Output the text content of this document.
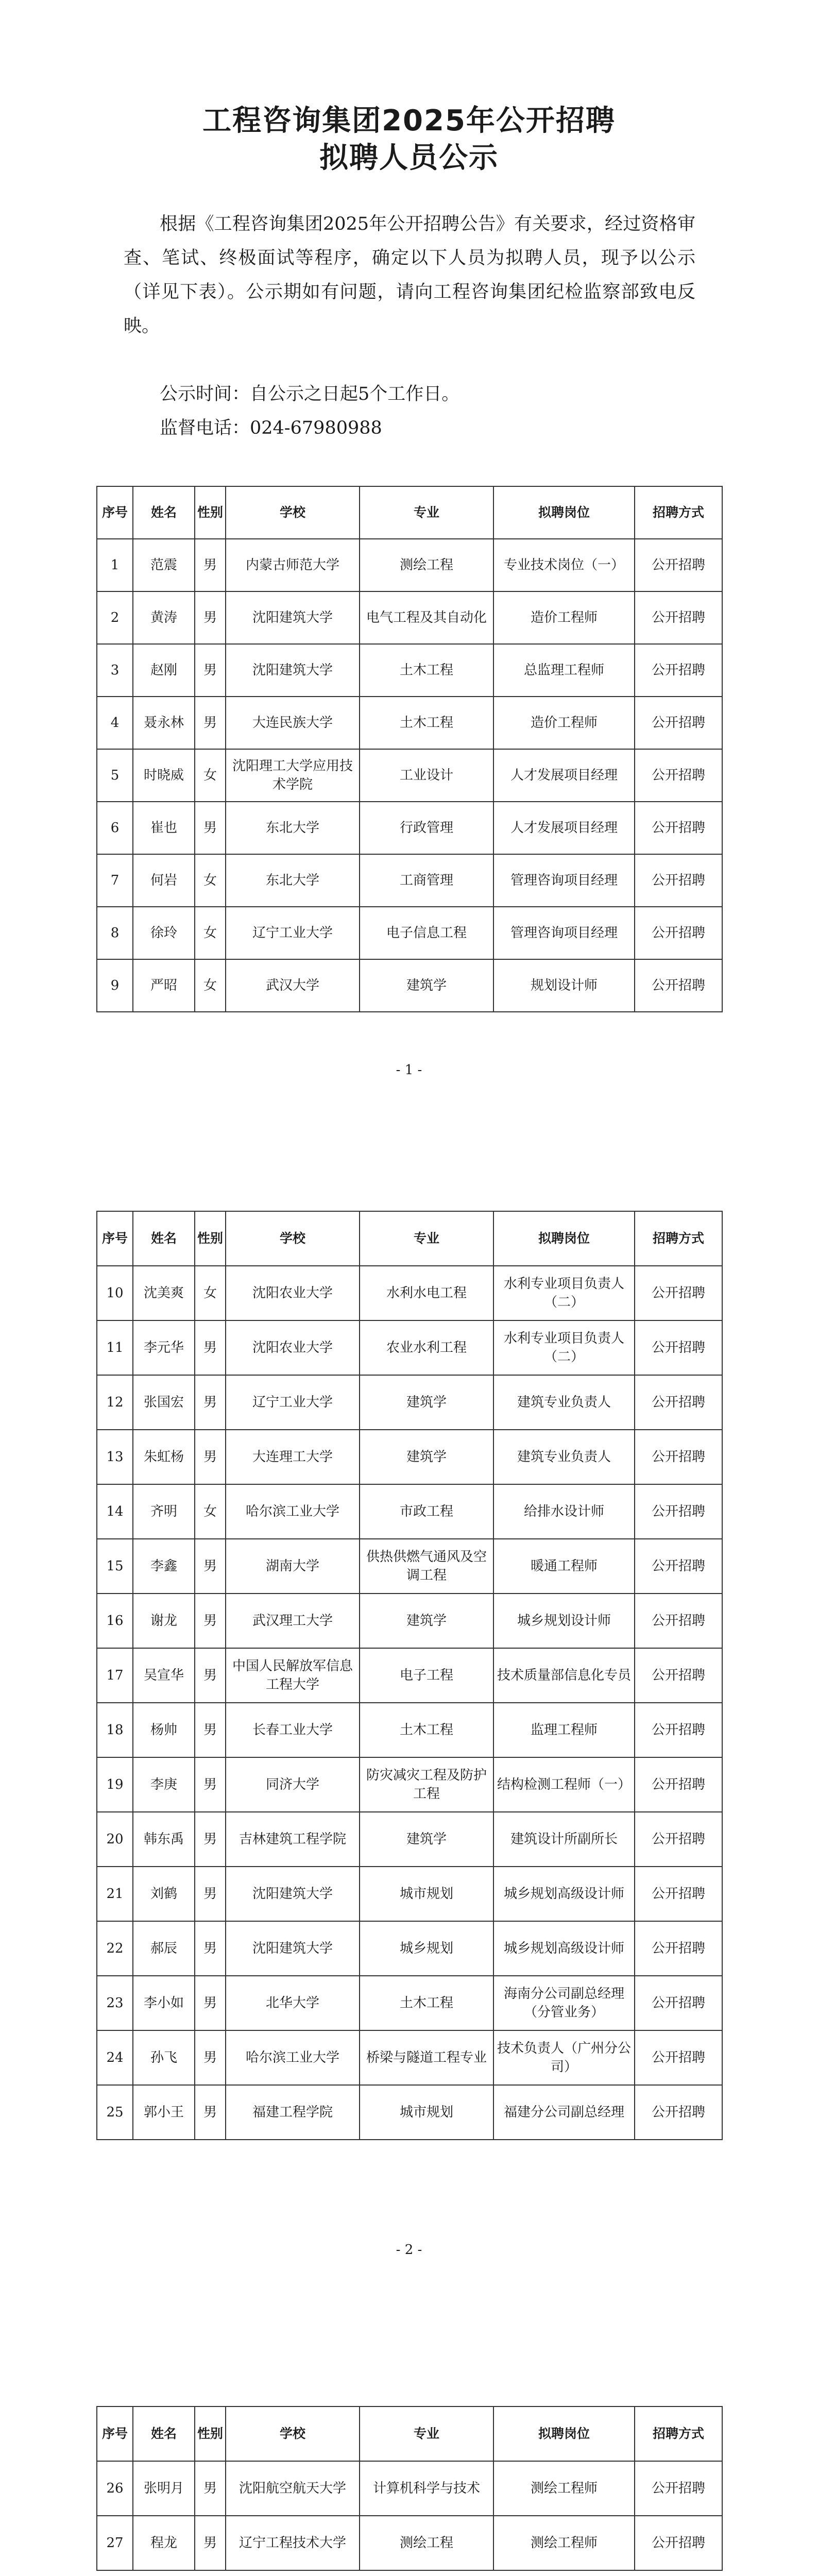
工程咨询集团2025年公开招聘
拟聘人员公示
根据《工程咨询集团2025年公开招聘公告》有关要求，经过资格审查、笔试、终极面试等程序，确定以下人员为拟聘人员，现予以公示（详见下表）。公示期如有问题，请向工程咨询集团纪检监察部致电反映。
公示时间：自公示之日起5个工作日。
监督电话：024-67980988
序号	姓名	性别	学校	专业	拟聘岗位	招聘方式
1	范震	男	内蒙古师范大学	测绘工程	专业技术岗位（一）	公开招聘
2	黄涛	男	沈阳建筑大学	电气工程及其自动化	造价工程师	公开招聘
3	赵刚	男	沈阳建筑大学	土木工程	总监理工程师	公开招聘
4	聂永林	男	大连民族大学	土木工程	造价工程师	公开招聘
5	时晓威	女	沈阳理工大学应用技术学院	工业设计	人才发展项目经理	公开招聘
6	崔也	男	东北大学	行政管理	人才发展项目经理	公开招聘
7	何岩	女	东北大学	工商管理	管理咨询项目经理	公开招聘
8	徐玲	女	辽宁工业大学	电子信息工程	管理咨询项目经理	公开招聘
9	严昭	女	武汉大学	建筑学	规划设计师	公开招聘
- 1 -
序号	姓名	性别	学校	专业	拟聘岗位	招聘方式
10	沈美爽	女	沈阳农业大学	水利水电工程	水利专业项目负责人（二）	公开招聘
11	李元华	男	沈阳农业大学	农业水利工程	水利专业项目负责人（二）	公开招聘
12	张国宏	男	辽宁工业大学	建筑学	建筑专业负责人	公开招聘
13	朱虹杨	男	大连理工大学	建筑学	建筑专业负责人	公开招聘
14	齐明	女	哈尔滨工业大学	市政工程	给排水设计师	公开招聘
15	李鑫	男	湖南大学	供热供燃气通风及空调工程	暖通工程师	公开招聘
16	谢龙	男	武汉理工大学	建筑学	城乡规划设计师	公开招聘
17	吴宣华	男	中国人民解放军信息工程大学	电子工程	技术质量部信息化专员	公开招聘
18	杨帅	男	长春工业大学	土木工程	监理工程师	公开招聘
19	李庚	男	同济大学	防灾减灾工程及防护工程	结构检测工程师（一）	公开招聘
20	韩东禹	男	吉林建筑工程学院	建筑学	建筑设计所副所长	公开招聘
21	刘鹤	男	沈阳建筑大学	城市规划	城乡规划高级设计师	公开招聘
22	郝辰	男	沈阳建筑大学	城乡规划	城乡规划高级设计师	公开招聘
23	李小如	男	北华大学	土木工程	海南分公司副总经理（分管业务）	公开招聘
24	孙飞	男	哈尔滨工业大学	桥梁与隧道工程专业	技术负责人（广州分公司）	公开招聘
25	郭小王	男	福建工程学院	城市规划	福建分公司副总经理	公开招聘
- 2 -
序号	姓名	性别	学校	专业	拟聘岗位	招聘方式
26	张明月	男	沈阳航空航天大学	计算机科学与技术	测绘工程师	公开招聘
27	程龙	男	辽宁工程技术大学	测绘工程	测绘工程师	公开招聘
